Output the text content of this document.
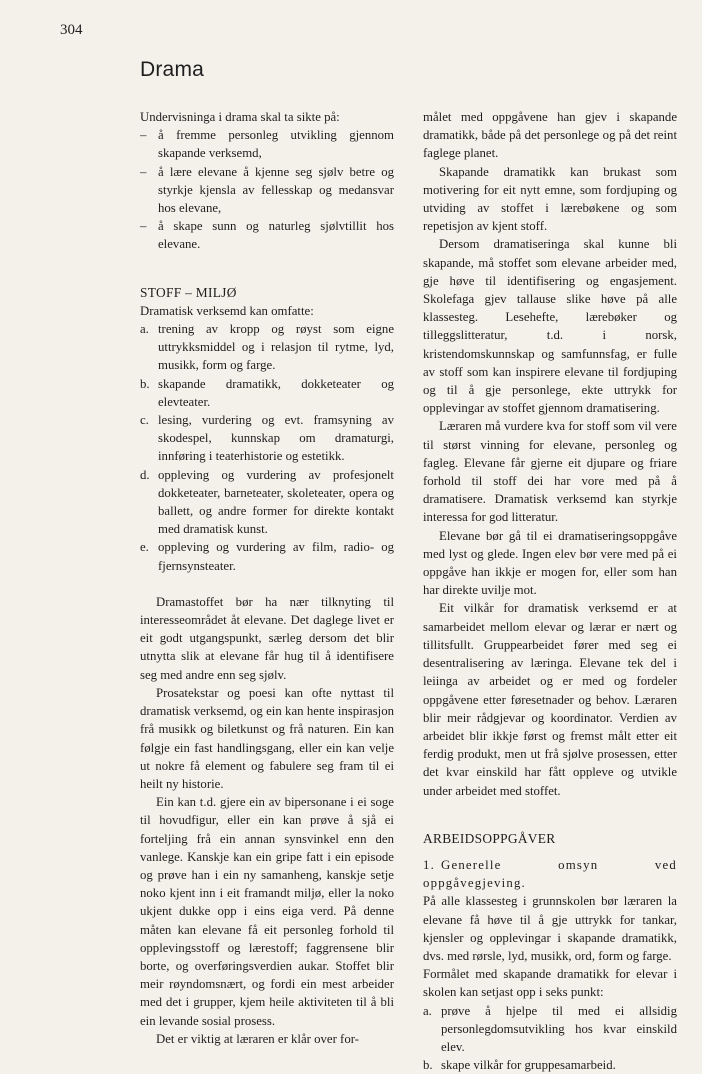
304
Drama

Undervisninga i drama skal ta sikte på:

– å fremme personleg utvikling gjennom skapande verksemd,
– å lære elevane å kjenne seg sjølv betre og styrkje kjensla av fellesskap og medansvar hos elevane,
– å skape sunn og naturleg sjølvtillit hos elevane.

STOFF – MILJØ

Dramatisk verksemd kan omfatte:

a. trening av kropp og røyst som eigne uttrykksmiddel og i relasjon til rytme, lyd, musikk, form og farge.
b. skapande dramatikk, dokketeater og elevteater.
c. lesing, vurdering og evt. framsyning av skodespel, kunnskap om dramaturgi, innføring i teaterhistorie og estetikk.
d. oppleving og vurdering av profesjonelt dokketeater, barneteater, skoleteater, opera og ballett, og andre former for direkte kontakt med dramatisk kunst.
e. oppleving og vurdering av film, radio- og fjernsynsteater.

Dramastoffet bør ha nær tilknyting til interesseområdet åt elevane. Det daglege livet er eit godt utgangspunkt, særleg dersom det blir utnytta slik at elevane får hug til å identifisere seg med andre enn seg sjølv.

Prosatekstar og poesi kan ofte nyttast til dramatisk verksemd, og ein kan hente inspirasjon frå musikk og biletkunst og frå naturen. Ein kan følgje ein fast handlingsgang, eller ein kan velje ut nokre få element og fabulere seg fram til ei heilt ny historie.

Ein kan t.d. gjere ein av bipersonane i ei soge til hovudfigur, eller ein kan prøve å sjå ei forteljing frå ein annan synsvinkel enn den vanlege. Kanskje kan ein gripe fatt i ein episode og prøve han i ein ny samanheng, kanskje setje noko kjent inn i eit framandt miljø, eller la noko ukjent dukke opp i eins eiga verd. På denne måten kan elevane få eit personleg forhold til opplevingsstoff og lærestoff; faggrensene blir borte, og overføringsverdien aukar. Stoffet blir meir røyndomsnært, og fordi ein mest arbeider med det i grupper, kjem heile aktiviteten til å bli ein levande sosial prosess.

Det er viktig at læraren er klår over for-

målet med oppgåvene han gjev i skapande dramatikk, både på det personlege og på det reint faglege planet.

Skapande dramatikk kan brukast som motivering for eit nytt emne, som fordjuping og utviding av stoffet i lærebøkene og som repetisjon av kjent stoff.

Dersom dramatiseringa skal kunne bli skapande, må stoffet som elevane arbeider med, gje høve til identifisering og engasjement. Skolefaga gjev tallause slike høve på alle klassesteg. Lesehefte, lærebøker og tilleggslitteratur, t.d. i norsk, kristendomskunnskap og samfunnsfag, er fulle av stoff som kan inspirere elevane til fordjuping og til å gje personlege, ekte uttrykk for opplevingar av stoffet gjennom dramatisering.

Læraren må vurdere kva for stoff som vil vere til størst vinning for elevane, personleg og fagleg. Elevane får gjerne eit djupare og friare forhold til stoff dei har vore med på å dramatisere. Dramatisk verksemd kan styrkje interessa for god litteratur.

Elevane bør gå til ei dramatiseringsoppgåve med lyst og glede. Ingen elev bør vere med på ei oppgåve han ikkje er mogen for, eller som han har direkte uvilje mot.

Eit vilkår for dramatisk verksemd er at samarbeidet mellom elevar og lærar er nært og tillitsfullt. Gruppearbeidet fører med seg ei desentralisering av læringa. Elevane tek del i leiinga av arbeidet og er med og fordeler oppgåvene etter føresetnader og behov. Læraren blir meir rådgjevar og koordinator. Verdien av arbeidet blir ikkje først og fremst målt etter eit ferdig produkt, men ut frå sjølve prosessen, etter det kvar einskild har fått oppleve og utvikle under arbeidet med stoffet.

ARBEIDSOPPGÅVER

1. Generelle omsyn ved oppgåvegjeving.

På alle klassesteg i grunnskolen bør læraren la elevane få høve til å gje uttrykk for tankar, kjensler og opplevingar i skapande dramatikk, dvs. med rørsle, lyd, musikk, ord, form og farge.

Formålet med skapande dramatikk for elevar i skolen kan setjast opp i seks punkt:

a. prøve å hjelpe til med ei allsidig personlegdomsutvikling hos kvar einskild elev.
b. skape vilkår for gruppesamarbeid.
